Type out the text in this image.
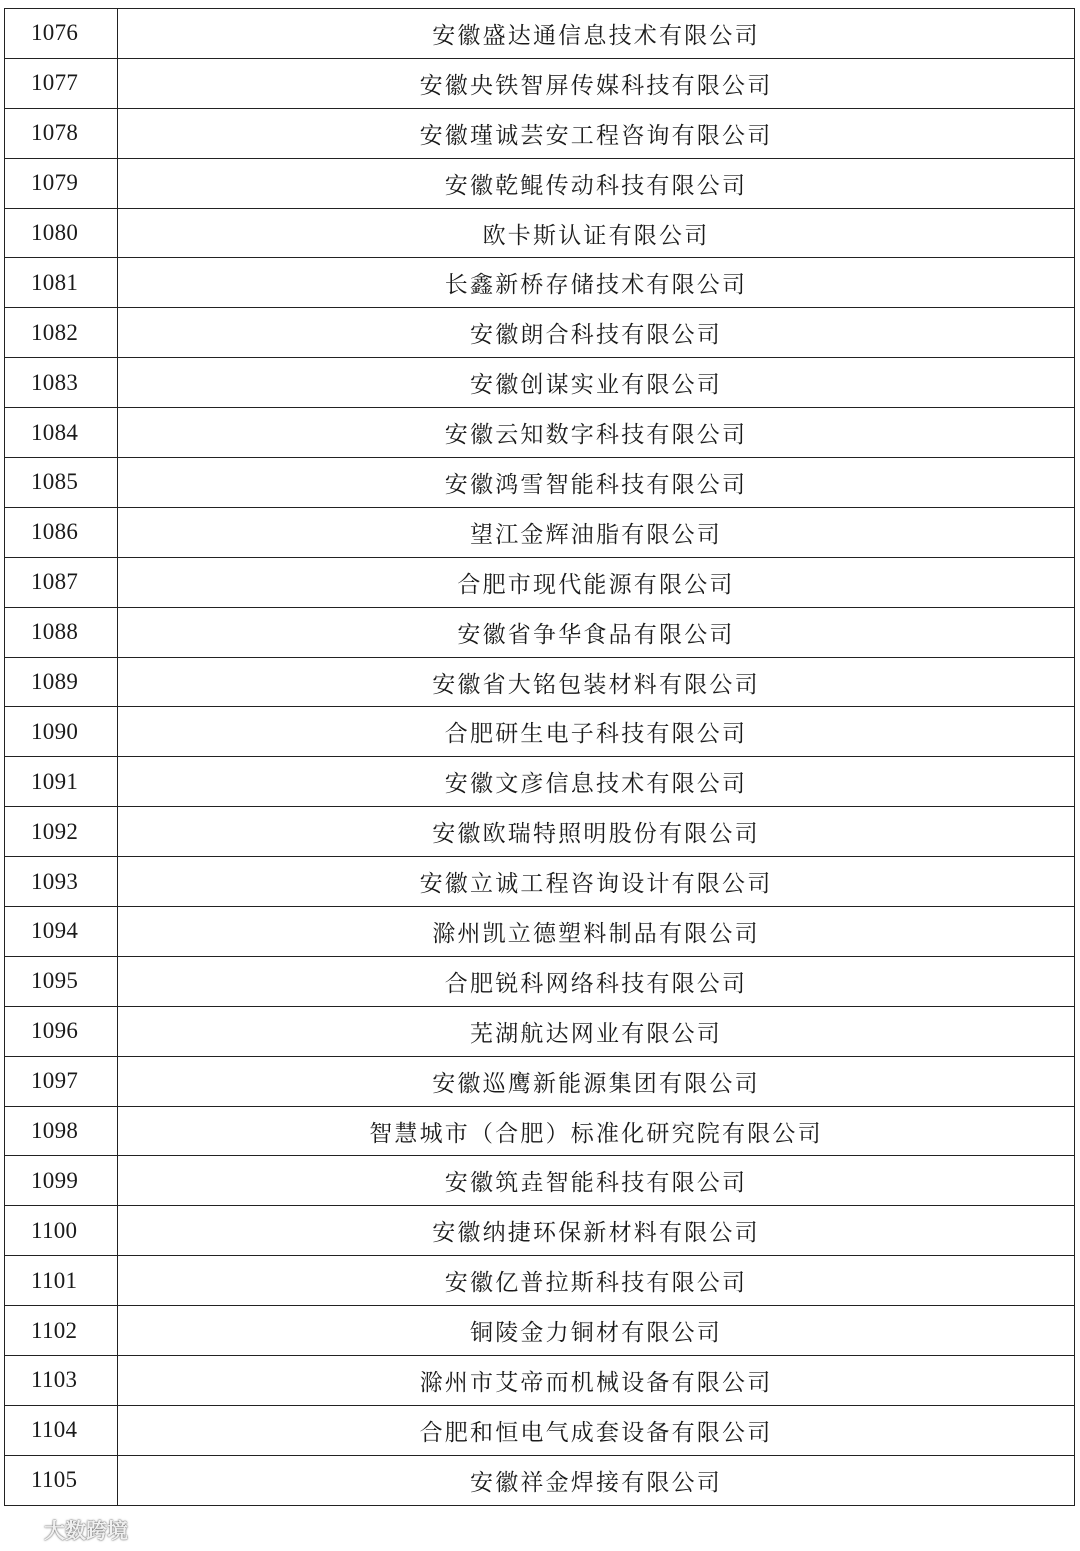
1076	安徽盛达通信息技术有限公司
1077	安徽央铁智屏传媒科技有限公司
1078	安徽瑾诚芸安工程咨询有限公司
1079	安徽乾鲲传动科技有限公司
1080	欧卡斯认证有限公司
1081	长鑫新桥存储技术有限公司
1082	安徽朗合科技有限公司
1083	安徽创谋实业有限公司
1084	安徽云知数字科技有限公司
1085	安徽鸿雪智能科技有限公司
1086	望江金辉油脂有限公司
1087	合肥市现代能源有限公司
1088	安徽省争华食品有限公司
1089	安徽省大铭包装材料有限公司
1090	合肥研生电子科技有限公司
1091	安徽文彦信息技术有限公司
1092	安徽欧瑞特照明股份有限公司
1093	安徽立诚工程咨询设计有限公司
1094	滁州凯立德塑料制品有限公司
1095	合肥锐科网络科技有限公司
1096	芜湖航达网业有限公司
1097	安徽巡鹰新能源集团有限公司
1098	智慧城市（合肥）标准化研究院有限公司
1099	安徽筑垚智能科技有限公司
1100	安徽纳捷环保新材料有限公司
1101	安徽亿普拉斯科技有限公司
1102	铜陵金力铜材有限公司
1103	滁州市艾帝而机械设备有限公司
1104	合肥和恒电气成套设备有限公司
1105	安徽祥金焊接有限公司
大数跨境
